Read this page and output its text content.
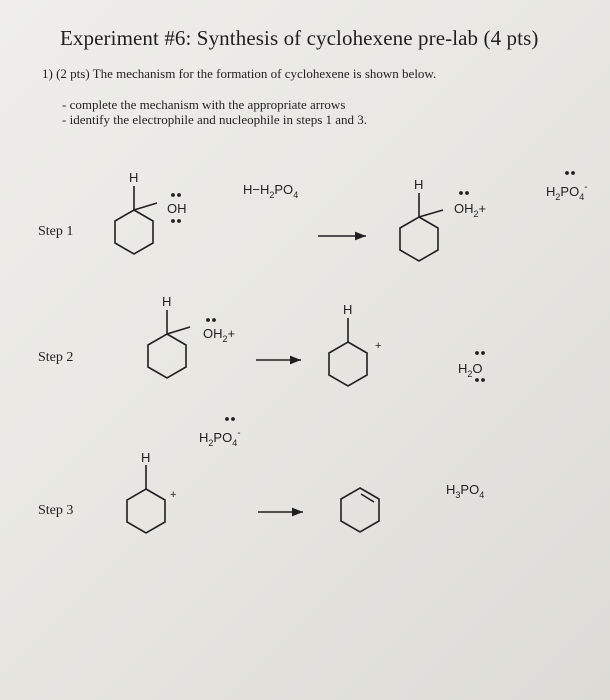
Experiment #6: Synthesis of cyclohexene pre-lab (4 pts)
1) (2 pts) The mechanism for the formation of cyclohexene is shown below.
- complete the mechanism with the appropriate arrows
- identify the electrophile and nucleophile in steps 1 and 3.
Step 1
Step 2
Step 3
H
OH
$H-H_2PO_4$
H
$OH_2+$
$H_2PO_4^-$
H
$OH_2+$
H
+
$H_2O$
$H_2PO_4^-$
H
+	$H_3PO_4$
